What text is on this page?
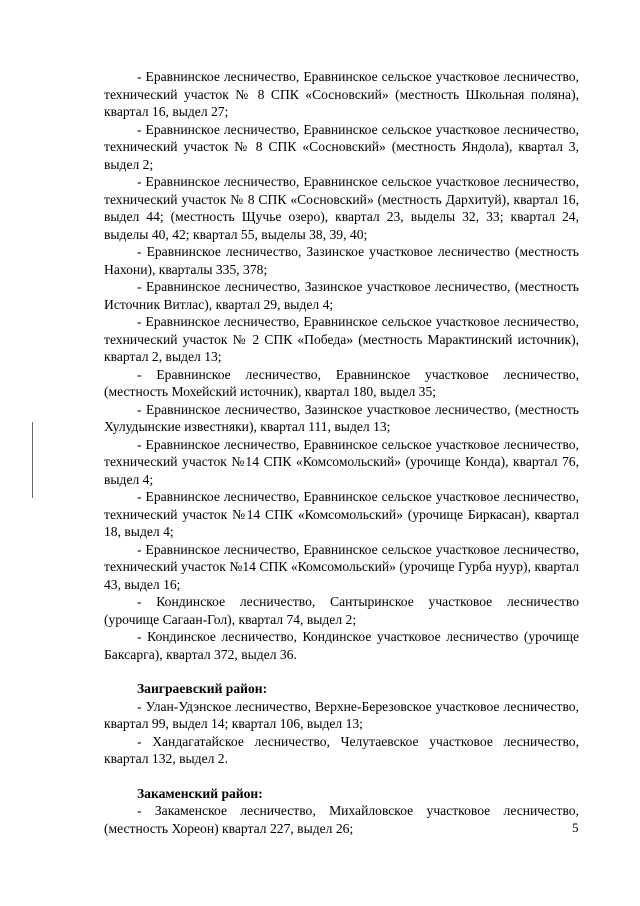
- Еравнинское лесничество, Еравнинское сельское участковое лесничество, технический участок № 8 СПК «Сосновский» (местность Школьная поляна), квартал 16, выдел 27;

- Еравнинское лесничество, Еравнинское сельское участковое лесничество, технический участок № 8 СПК «Сосновский» (местность Яндола), квартал 3, выдел 2;

- Еравнинское лесничество, Еравнинское сельское участковое лесничество, технический участок № 8 СПК «Сосновский» (местность Дархитуй), квартал 16, выдел 44; (местность Щучье озеро), квартал 23, выделы 32, 33; квартал 24, выделы 40, 42; квартал 55, выделы 38, 39, 40;

- Еравнинское лесничество, Зазинское участковое лесничество (местность Нахони), кварталы 335, 378;

- Еравнинское лесничество, Зазинское участковое лесничество, (местность Источник Витлас), квартал 29, выдел 4;

- Еравнинское лесничество, Еравнинское сельское участковое лесничество, технический участок № 2 СПК «Победа» (местность Марактинский источник), квартал 2, выдел 13;

- Еравнинское лесничество, Еравнинское участковое лесничество, (местность Мохейский источник), квартал 180, выдел 35;

- Еравнинское лесничество, Зазинское участковое лесничество, (местность Хулудынские известняки), квартал 111, выдел 13;

- Еравнинское лесничество, Еравнинское сельское участковое лесничество, технический участок №14 СПК «Комсомольский» (урочище Конда), квартал 76, выдел 4;

- Еравнинское лесничество, Еравнинское сельское участковое лесничество, технический участок №14 СПК «Комсомольский» (урочище Биркасан), квартал 18, выдел 4;

- Еравнинское лесничество, Еравнинское сельское участковое лесничество, технический участок №14 СПК «Комсомольский» (урочище Гурба нуур), квартал 43, выдел 16;

- Кондинское лесничество, Сантыринское участковое лесничество (урочище Сагаан-Гол), квартал 74, выдел 2;

- Кондинское лесничество, Кондинское участковое лесничество (урочище Баксарга), квартал 372, выдел 36.

Заиграевский район:

- Улан-Удэнское лесничество, Верхне-Березовское участковое лесничество, квартал 99, выдел 14; квартал 106, выдел 13;

- Хандагатайское лесничество, Челутаевское участковое лесничество, квартал 132, выдел 2.

Закаменский район:

- Закаменское лесничество, Михайловское участковое лесничество, (местность Хореон) квартал 227, выдел 26;	5
